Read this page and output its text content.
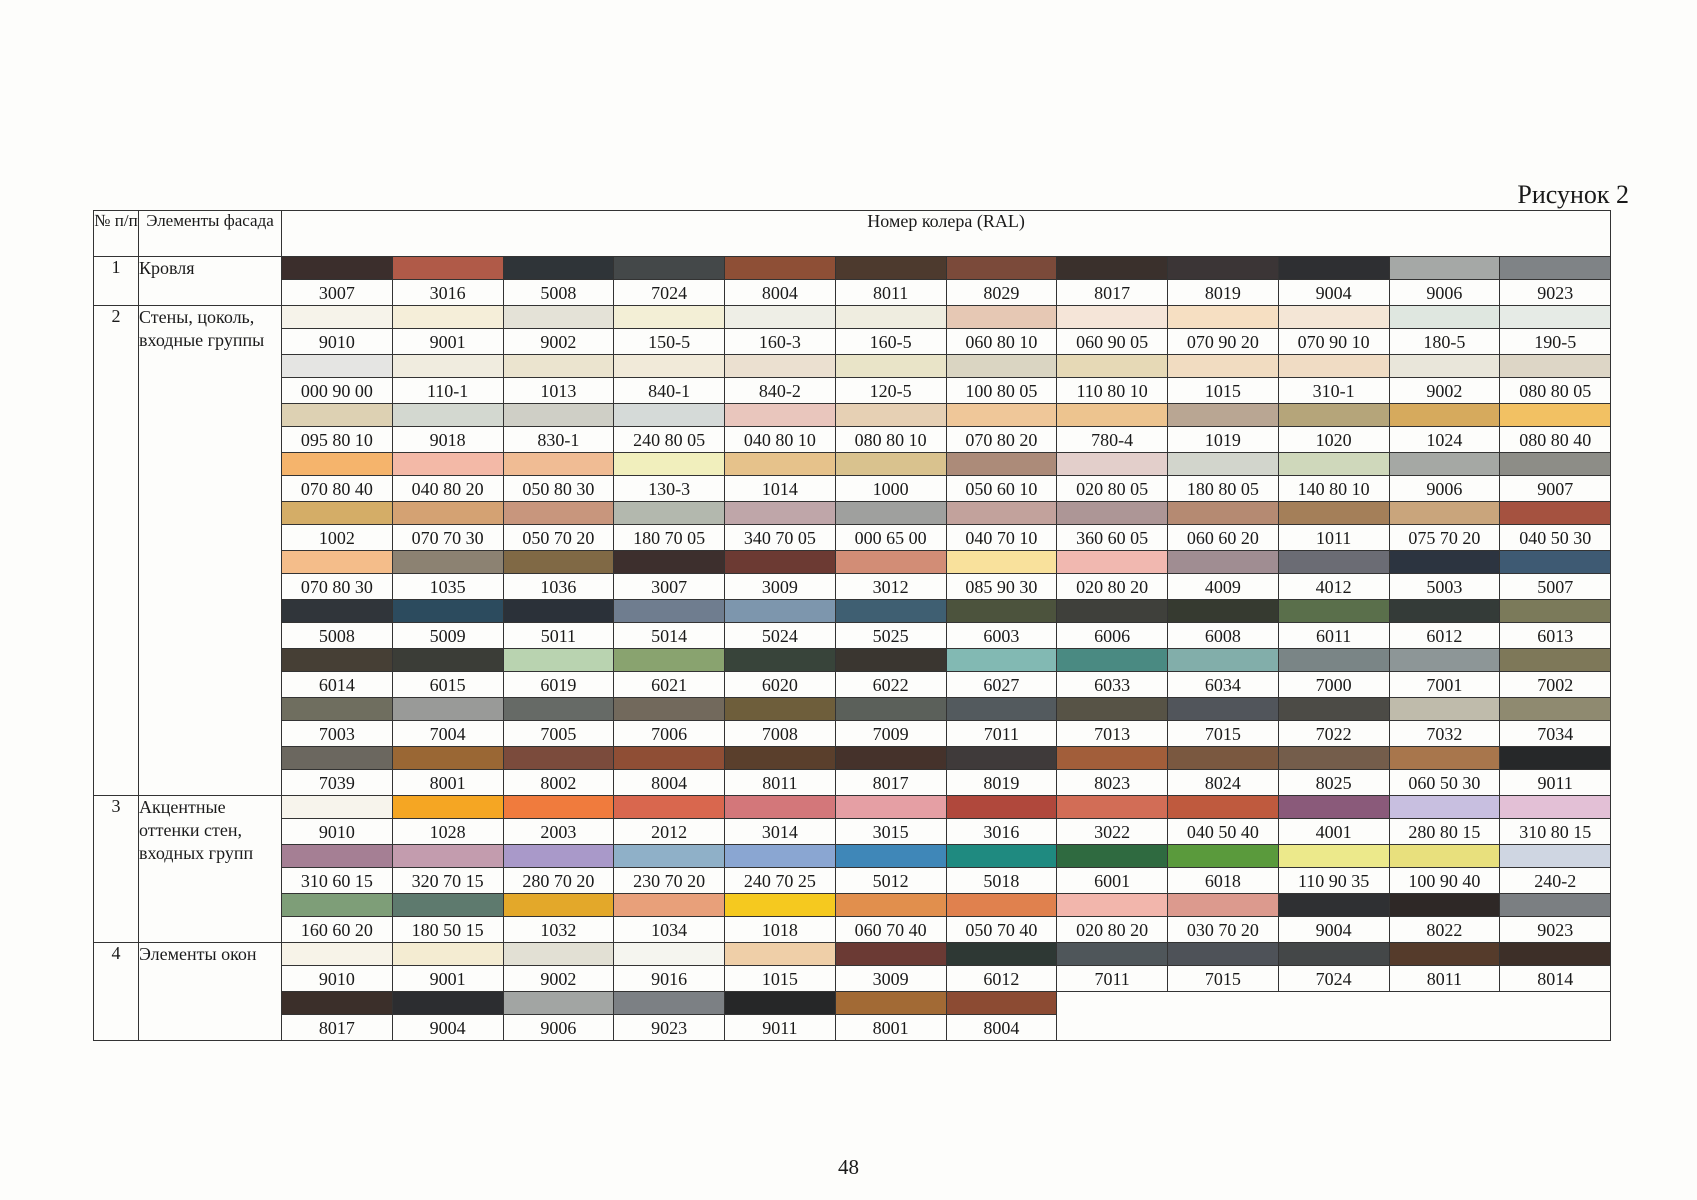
Рисунок 2
№ п/п	Элементы фасада	Номер колера (RAL)											
1	Кровля												
		3007	3016	5008	7024	8004	8011	8029	8017	8019	9004	9006	9023
2	Стены, цоколь, входные группы												
		9010	9001	9002	150-5	160-3	160-5	060 80 10	060 90 05	070 90 20	070 90 10	180-5	190-5

		000 90 00	110-1	1013	840-1	840-2	120-5	100 80 05	110 80 10	1015	310-1	9002	080 80 05

		095 80 10	9018	830-1	240 80 05	040 80 10	080 80 10	070 80 20	780-4	1019	1020	1024	080 80 40

		070 80 40	040 80 20	050 80 30	130-3	1014	1000	050 60 10	020 80 05	180 80 05	140 80 10	9006	9007

		1002	070 70 30	050 70 20	180 70 05	340 70 05	000 65 00	040 70 10	360 60 05	060 60 20	1011	075 70 20	040 50 30

		070 80 30	1035	1036	3007	3009	3012	085 90 30	020 80 20	4009	4012	5003	5007

		5008	5009	5011	5014	5024	5025	6003	6006	6008	6011	6012	6013

		6014	6015	6019	6021	6020	6022	6027	6033	6034	7000	7001	7002

		7003	7004	7005	7006	7008	7009	7011	7013	7015	7022	7032	7034

		7039	8001	8002	8004	8011	8017	8019	8023	8024	8025	060 50 30	9011
3	Акцентные оттенки стен, входных групп												
		9010	1028	2003	2012	3014	3015	3016	3022	040 50 40	4001	280 80 15	310 80 15

		310 60 15	320 70 15	280 70 20	230 70 20	240 70 25	5012	5018	6001	6018	110 90 35	100 90 40	240-2

		160 60 20	180 50 15	1032	1034	1018	060 70 40	050 70 40	020 80 20	030 70 20	9004	8022	9023
4	Элементы окон												
		9010	9001	9002	9016	1015	3009	6012	7011	7015	7024	8011	8014

		8017	9004	9006	9023	9011	8001	8004					
48
